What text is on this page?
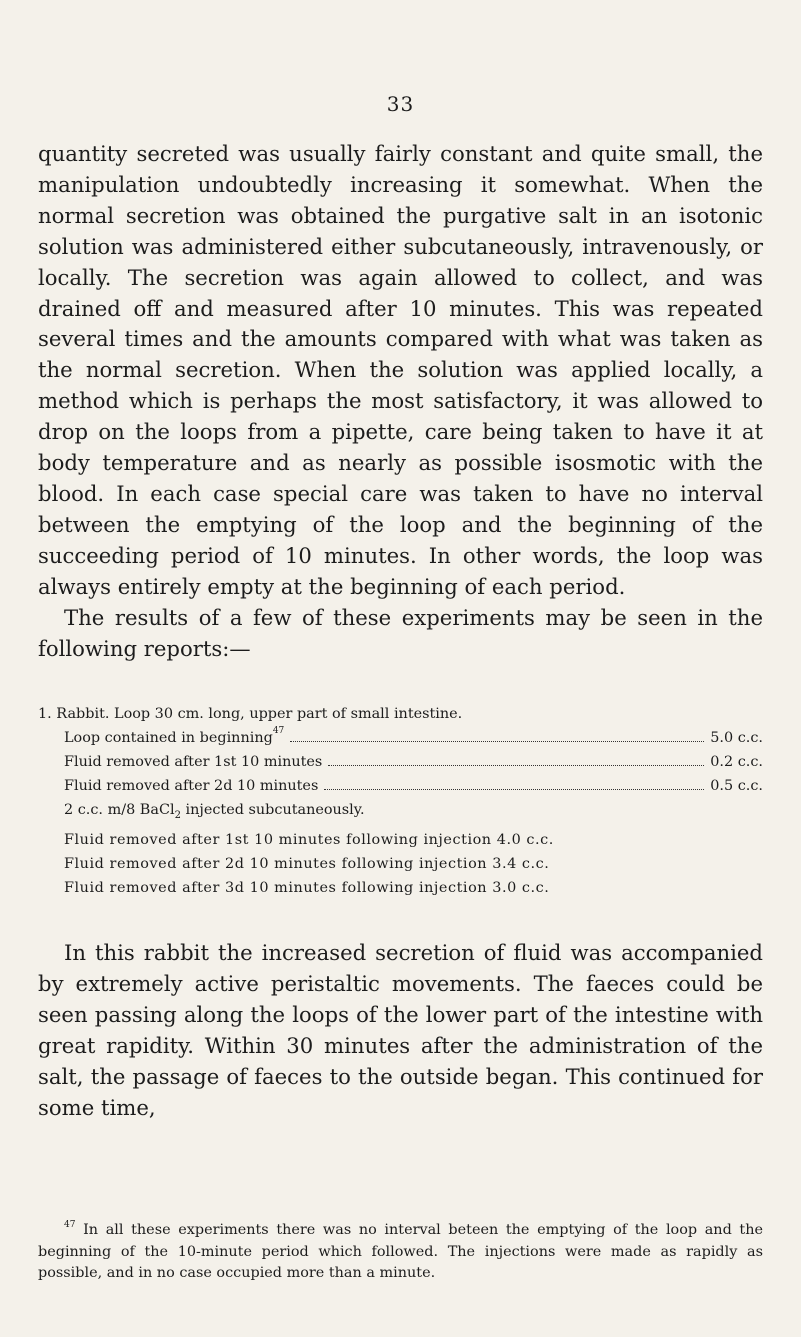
33

quantity secreted was usually fairly constant and quite small, the manipulation undoubtedly increasing it somewhat. When the normal secretion was obtained the purgative salt in an isotonic solution was administered either subcutaneously, intravenously, or locally. The secretion was again allowed to collect, and was drained off and measured after 10 minutes. This was repeated several times and the amounts compared with what was taken as the normal secretion. When the solution was applied locally, a method which is perhaps the most satisfactory, it was allowed to drop on the loops from a pipette, care being taken to have it at body temperature and as nearly as possible isosmotic with the blood. In each case special care was taken to have no interval between the emptying of the loop and the beginning of the succeeding period of 10 minutes. In other words, the loop was always entirely empty at the beginning of each period.

The results of a few of these experiments may be seen in the following reports:—

1. Rabbit. Loop 30 cm. long, upper part of small intestine.

Loop contained in beginning$^{47}$	5.0 c.c.
Fluid removed after 1st 10 minutes	0.2 c.c.
Fluid removed after 2d 10 minutes	0.5 c.c.

2 c.c. m/8 BaCl$_2$ injected subcutaneously.

Fluid removed after 1st 10 minutes following injection 4.0 c.c.
Fluid removed after 2d 10 minutes following injection 3.4 c.c.
Fluid removed after 3d 10 minutes following injection 3.0 c.c.

In this rabbit the increased secretion of fluid was accompanied by extremely active peristaltic movements. The faeces could be seen passing along the loops of the lower part of the intestine with great rapidity. Within 30 minutes after the administration of the salt, the passage of faeces to the outside began. This continued for some time,

$^{47}$ In all these experiments there was no interval beteen the emptying of the loop and the beginning of the 10-minute period which followed. The injections were made as rapidly as possible, and in no case occupied more than a minute.
